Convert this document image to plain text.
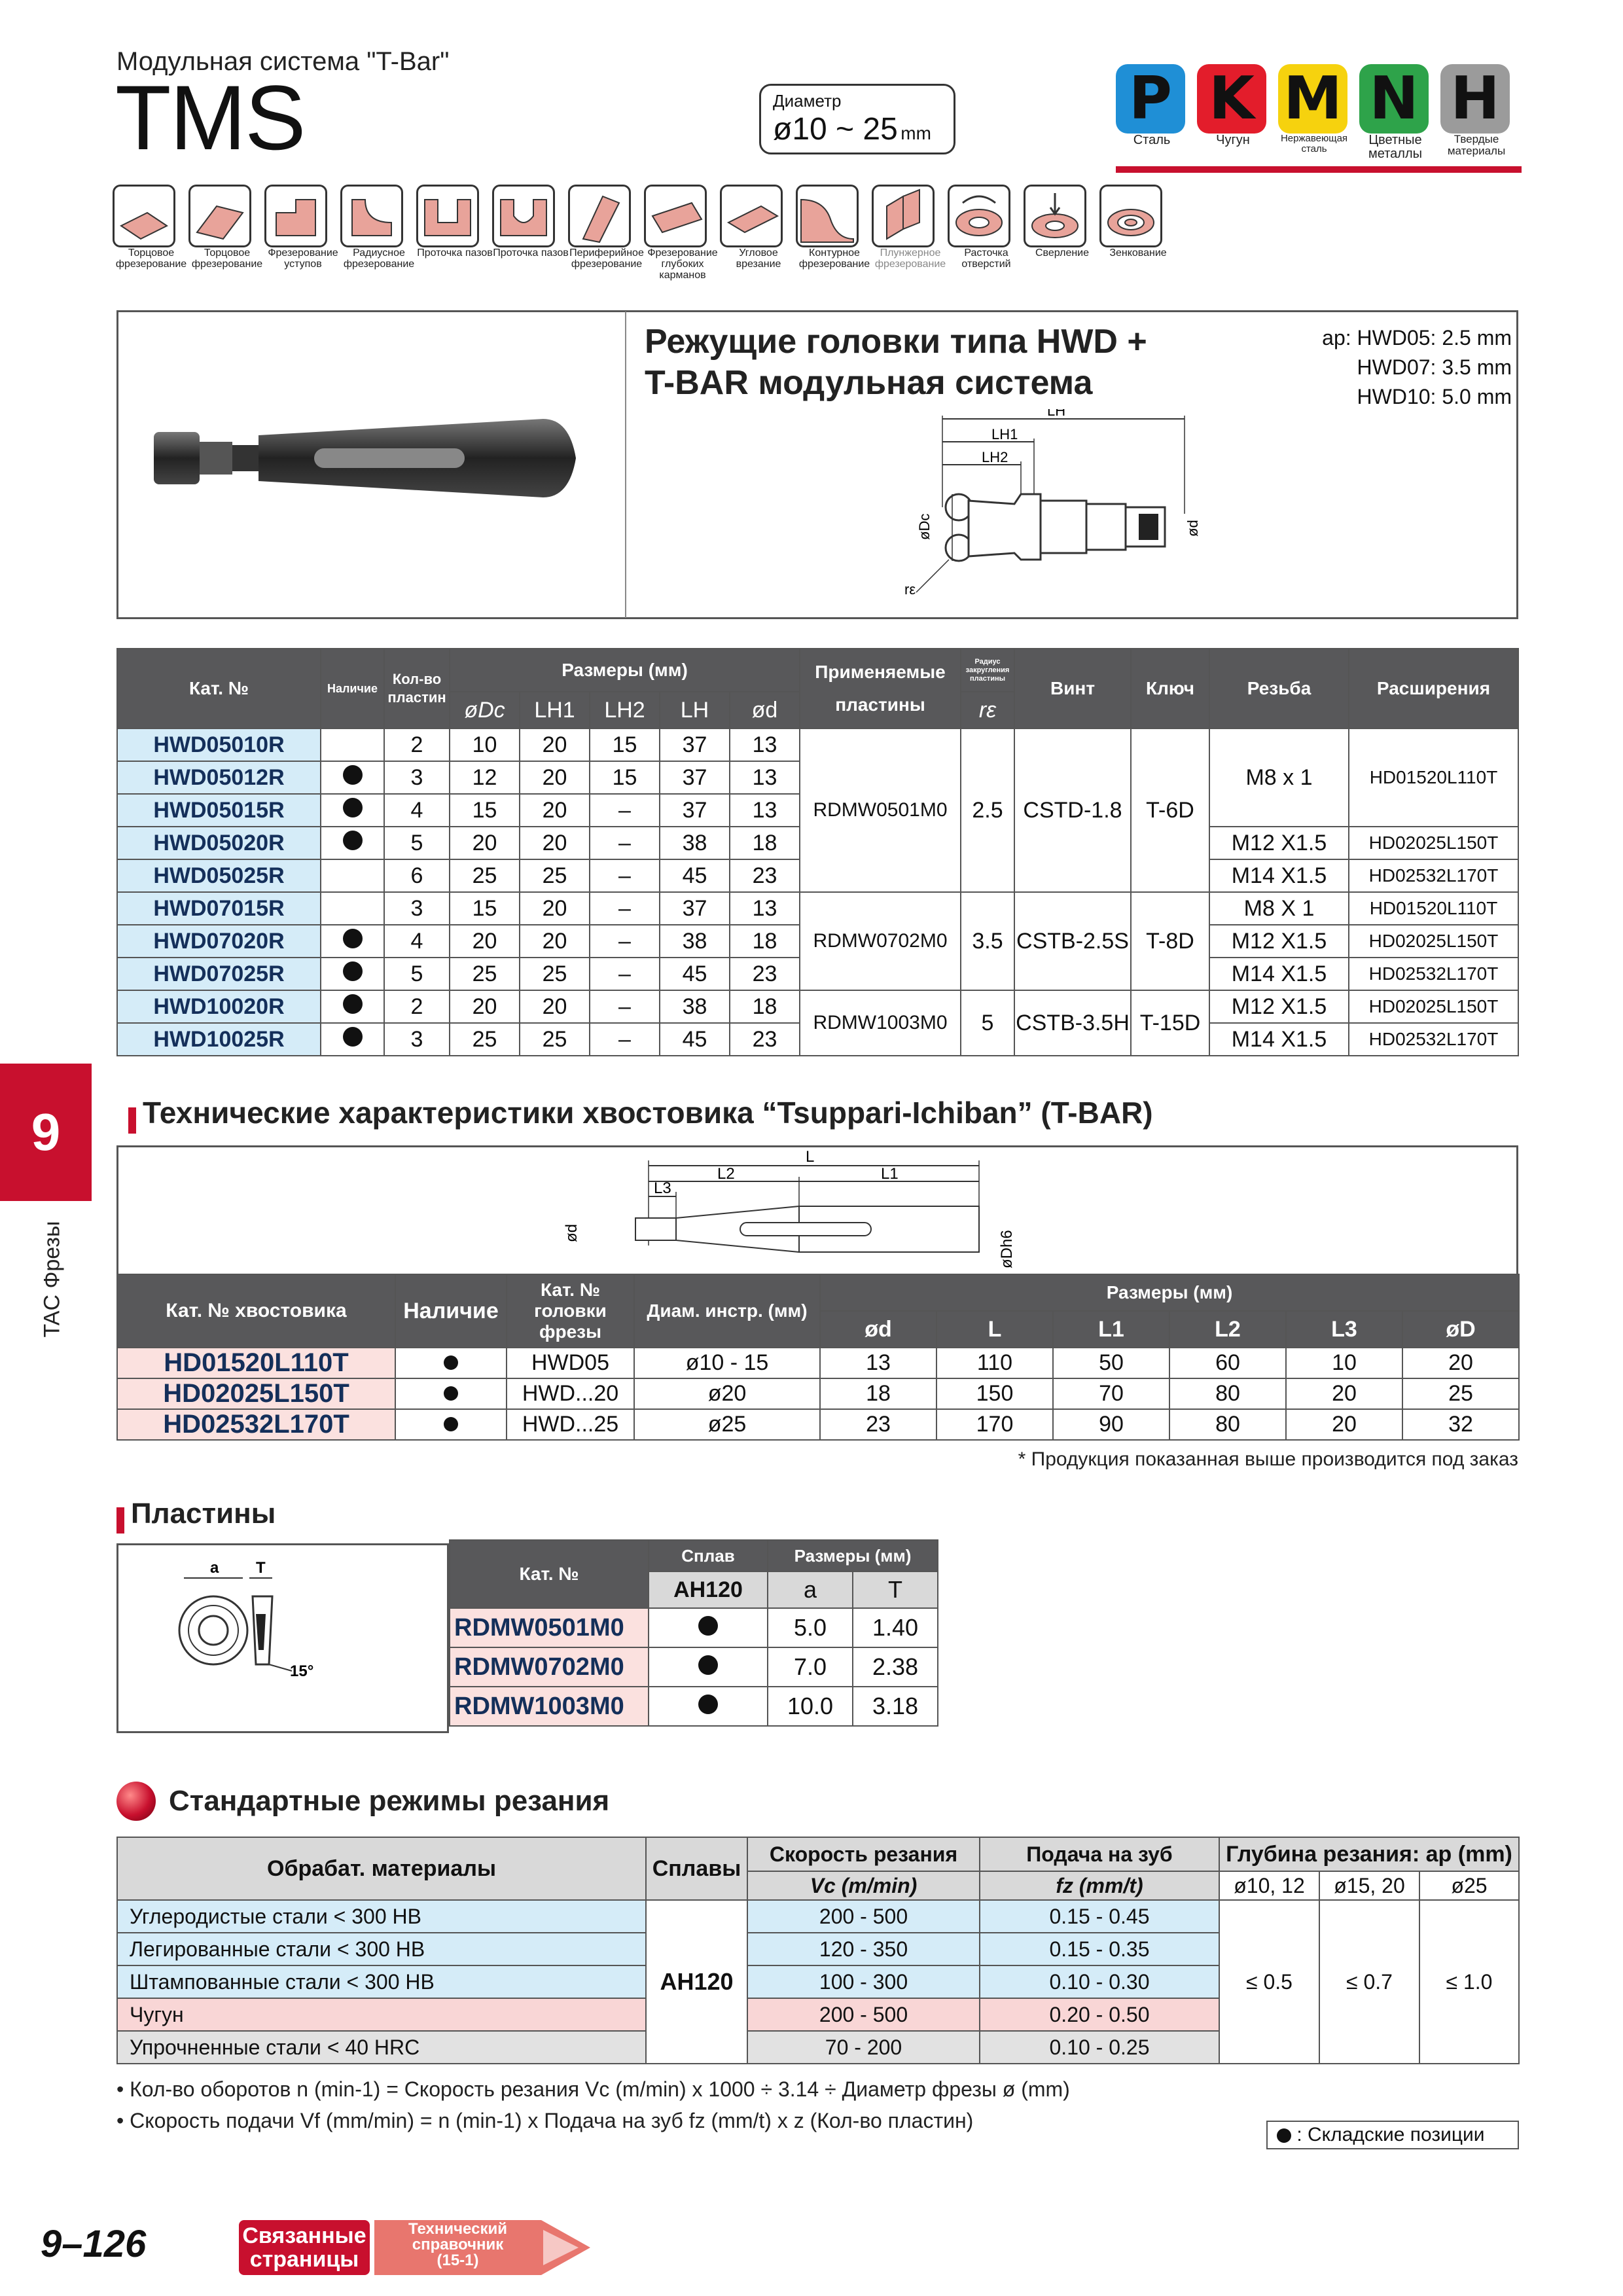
Модульная система "T-Bar"
TMS	Диаметр
ø10 ~ 25 mm
P
Сталь
K
Чугун
M
Нержавеющая сталь
N
Цветные металлы
H
Твердые материалы
Торцовое фрезерование
Торцовое фрезерование
Фрезерование уступов
Радиусное фрезерование
Проточка пазов Проточка пазов Периферийное фрезерование
Фрезерование глубоких карманов
Угловое врезание
Контурное фрезерование
Плунжерное фрезерование
Расточка отверстий
Сверление	Зенкование
Режущие головки типа HWD +
T-BAR модульная система
ap: HWD05: 2.5 mm
HWD07: 3.5 mm
HWD10: 5.0 mm
LH
LH1
LH2
øDc	ød
rε
Кат. №	Наличие	Кол-во пластин	Размеры (мм)					Применяемые пластины	Радиус закругления пластины	Винт	Ключ	Резьба	Расширения
			øDc	LH1	LH2	LH	ød		rε				
HWD05010R		2	10	20	15	37	13	RDMW0501M0	2.5	CSTD-1.8	T-6D	M8 x 1	HD01520L110T
HWD05012R		3	12	20	15	37	13						
HWD05015R		4	15	20	–	37	13						
HWD05020R		5	20	20	–	38	18					M12 X1.5	HD02025L150T
HWD05025R		6	25	25	–	45	23					M14 X1.5	HD02532L170T
HWD07015R		3	15	20	–	37	13	RDMW0702M0	3.5	CSTB-2.5S	T-8D	M8 X 1	HD01520L110T
HWD07020R		4	20	20	–	38	18					M12 X1.5	HD02025L150T
HWD07025R		5	25	25	–	45	23					M14 X1.5	HD02532L170T
HWD10020R		2	20	20	–	38	18	RDMW1003M0	5	CSTB-3.5H	T-15D	M12 X1.5	HD02025L150T
HWD10025R		3	25	25	–	45	23					M14 X1.5	HD02532L170T
9
TAC Фрезы
Технические характеристики хвостовика “Tsuppari-Ichiban” (T-BAR)
L
L2	L1
L3
ød	øDh6
Кат. № хвостовика	Наличие	Кат. № головки фрезы	Диам. инстр. (мм)	Размеры (мм)					
				ød	L	L1	L2	L3	øD
HD01520L110T		HWD05	ø10 - 15	13	110	50	60	10	20
HD02025L150T		HWD...20	ø20	18	150	70	80	20	25
HD02532L170T		HWD...25	ø25	23	170	90	80	20	32
* Продукция показанная выше производится под заказ
Пластины
a T
15°
Кат. №	Сплав	Размеры (мм)	
	AH120	a	T
RDMW0501M0		5.0	1.40
RDMW0702M0		7.0	2.38
RDMW1003M0		10.0	3.18
Стандартные режимы резания
Обрабат. материалы	Сплавы	Скорость резания	Подача на зуб	Глубина резания: ap (mm)		
		Vc (m/min)	fz (mm/t)	ø10, 12	ø15, 20	ø25
Углеродистые стали < 300 HB	AH120	200 - 500	0.15 - 0.45	≤ 0.5	≤ 0.7	≤ 1.0
Легированные стали < 300 HB		120 - 350	0.15 - 0.35			
Штампованные стали < 300 HB		100 - 300	0.10 - 0.30			
Чугун		200 - 500	0.20 - 0.50			
Упрочненные стали < 40 HRC		70 - 200	0.10 - 0.25			
• Кол-во оборотов n (min-1) = Скорость резания Vc (m/min) x 1000 ÷ 3.14 ÷ Диаметр фрезы ø (mm)
• Скорость подачи Vf (mm/min) = n (min-1) x Подача на зуб fz (mm/t) x z (Кол-во пластин)
: Складские позиции
9–126	Связанные страницы
Технический
справочник
(15-1)
